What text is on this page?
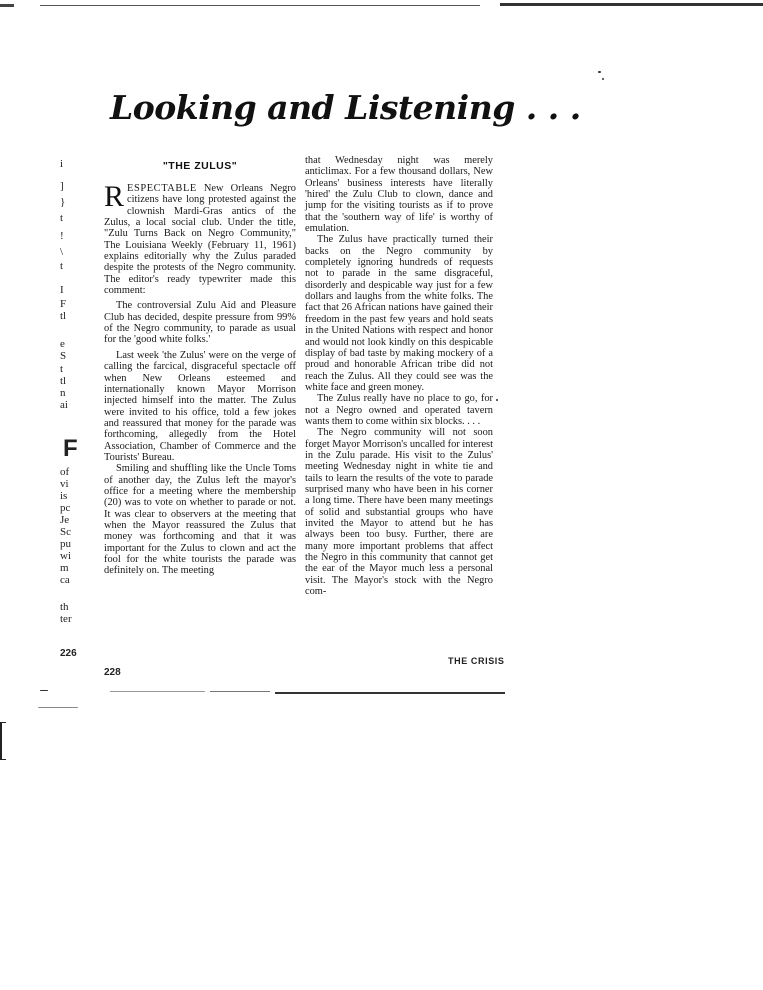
i
]
}
t
!
\
t
I
F
tl
e
S
t
tl
n
ai
F
of
vi
is
pc
Je
Sc
pu
wi
m
ca
th
ter
226
Looking and Listening . . .
"THE ZULUS"

RESPECTABLE New Orleans Negro citizens have long protested against the clownish Mardi-Gras antics of the Zulus, a local social club. Under the title, "Zulu Turns Back on Negro Community," The Louisiana Weekly (February 11, 1961) explains editorially why the Zulus paraded despite the protests of the Negro community. The editor's ready typewriter made this comment:

The controversial Zulu Aid and Pleasure Club has decided, despite pressure from 99% of the Negro community, to parade as usual for the 'good white folks.'

Last week 'the Zulus' were on the verge of calling the farcical, disgraceful spectacle off when New Orleans esteemed and internationally known Mayor Morrison injected himself into the matter. The Zulus were invited to his office, told a few jokes and reassured that money for the parade was forthcoming, allegedly from the Hotel Association, Chamber of Commerce and the Tourists' Bureau.

Smiling and shuffling like the Uncle Toms of another day, the Zulus left the mayor's office for a meeting where the membership (20) was to vote on whether to parade or not. It was clear to observers at the meeting that when the Mayor reassured the Zulus that money was forthcoming and that it was important for the Zulus to clown and act the fool for the white tourists the parade was definitely on. The meeting

that Wednesday night was merely anticlimax. For a few thousand dollars, New Orleans' business interests have literally 'hired' the Zulu Club to clown, dance and jump for the visiting tourists as if to prove that the 'southern way of life' is worthy of emulation.

The Zulus have practically turned their backs on the Negro community by completely ignoring hundreds of requests not to parade in the same disgraceful, disorderly and despicable way just for a few dollars and laughs from the white folks. The fact that 26 African nations have gained their freedom in the past few years and hold seats in the United Nations with respect and honor and would not look kindly on this despicable display of bad taste by making mockery of a proud and honorable African tribe did not reach the Zulus. All they could see was the white face and green money.

The Zulus really have no place to go, for not a Negro owned and operated tavern wants them to come within six blocks. . . .

The Negro community will not soon forget Mayor Morrison's uncalled for interest in the Zulu parade. His visit to the Zulus' meeting Wednesday night in white tie and tails to learn the results of the vote to parade surprised many who have been in his corner a long time. There have been many meetings of solid and substantial groups who have invited the Mayor to attend but he has always been too busy. Further, there are many more important problems that affect the Negro in this community that cannot get the ear of the Mayor much less a personal visit. The Mayor's stock with the Negro com-

228
THE CRISIS
